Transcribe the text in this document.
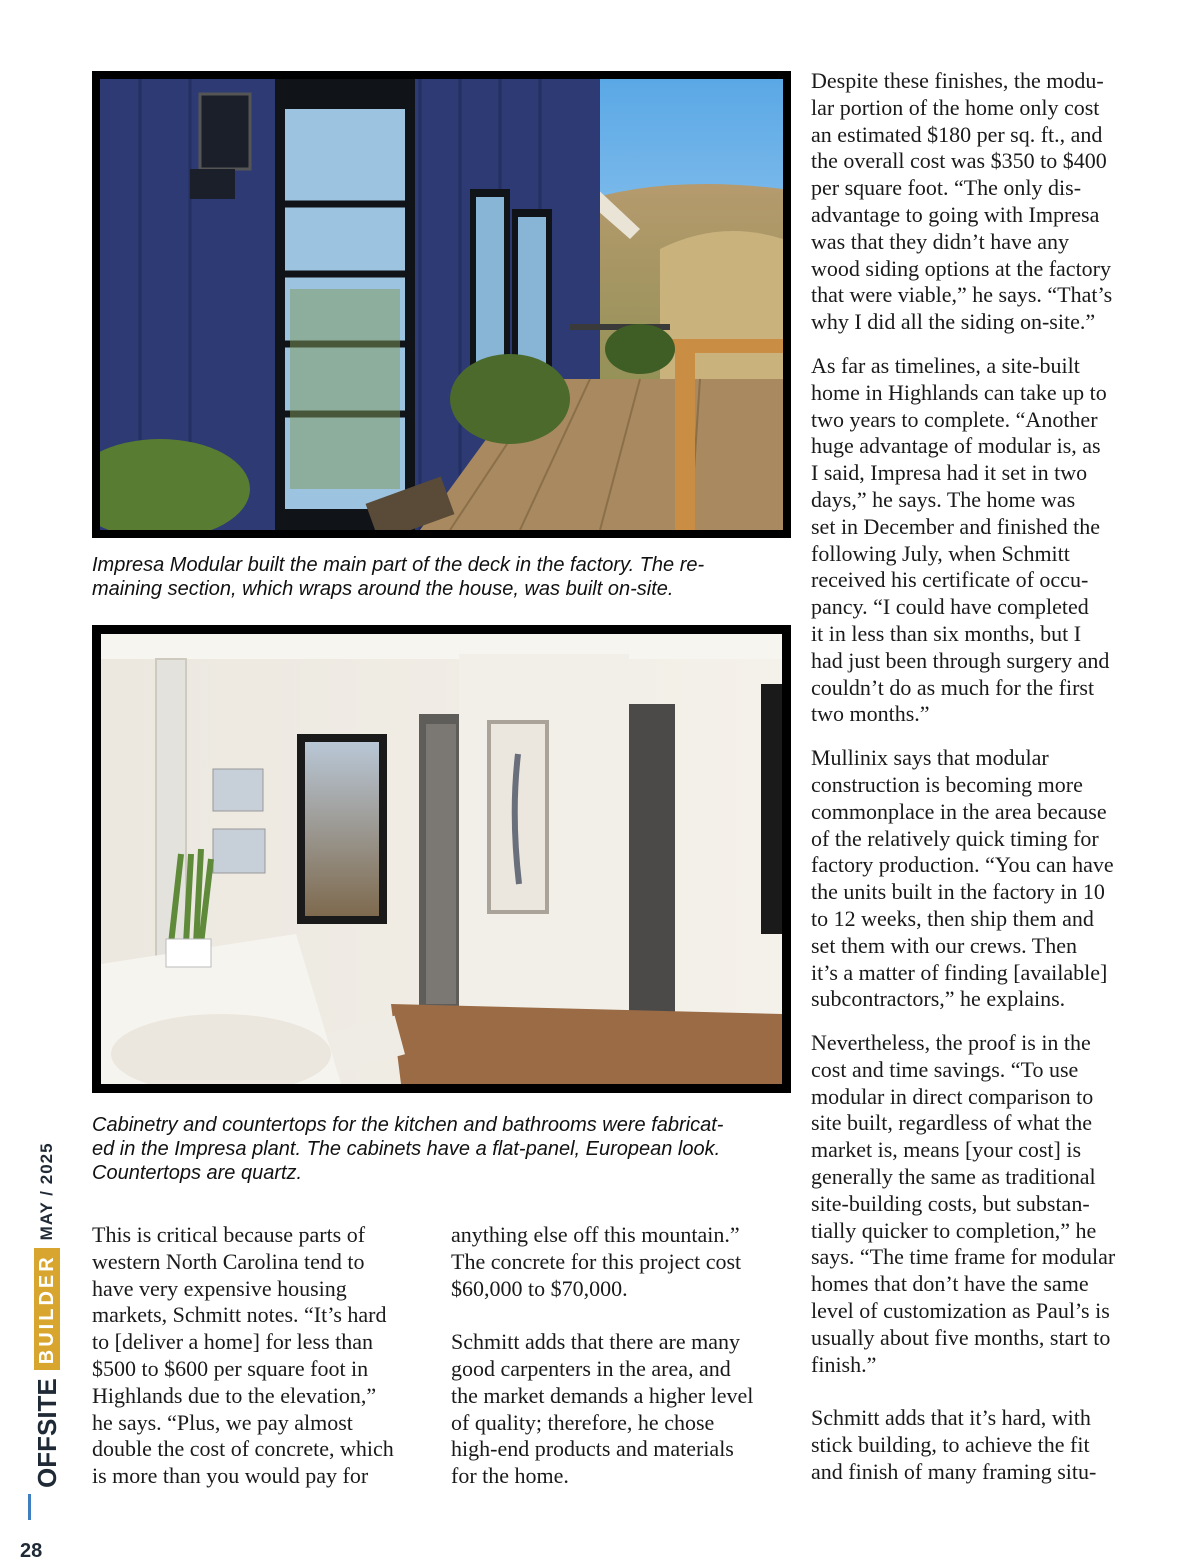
Impresa Modular built the main part of the deck in the factory. The re-
maining section, which wraps around the house, was built on-site.

Cabinetry and countertops for the kitchen and bathrooms were fabricat-
ed in the Impresa plant. The cabinets have a flat-panel, European look.
Countertops are quartz.

This is critical because parts of
western North Carolina tend to
have very expensive housing
markets, Schmitt notes. “It’s hard
to [deliver a home] for less than
$500 to $600 per square foot in
Highlands due to the elevation,”
he says. “Plus, we pay almost
double the cost of concrete, which
is more than you would pay for

anything else off this mountain.”
The concrete for this project cost
$60,000 to $70,000.

Schmitt adds that there are many
good carpenters in the area, and
the market demands a higher level
of quality; therefore, he chose
high-end products and materials
for the home.

Despite these finishes, the modu-
lar portion of the home only cost
an estimated $180 per sq. ft., and
the overall cost was $350 to $400
per square foot. “The only dis-
advantage to going with Impresa
was that they didn’t have any
wood siding options at the factory
that were viable,” he says. “That’s
why I did all the siding on-site.”

As far as timelines, a site-built
home in Highlands can take up to
two years to complete. “Another
huge advantage of modular is, as
I said, Impresa had it set in two
days,” he says. The home was
set in December and finished the
following July, when Schmitt
received his certificate of occu-
pancy. “I could have completed
it in less than six months, but I
had just been through surgery and
couldn’t do as much for the first
two months.”

Mullinix says that modular
construction is becoming more
commonplace in the area because
of the relatively quick timing for
factory production. “You can have
the units built in the factory in 10
to 12 weeks, then ship them and
set them with our crews. Then
it’s a matter of finding [available]
subcontractors,” he explains.

Nevertheless, the proof is in the
cost and time savings. “To use
modular in direct comparison to
site built, regardless of what the
market is, means [your cost] is
generally the same as traditional
site-building costs, but substan-
tially quicker to completion,” he
says. “The time frame for modular
homes that don’t have the same
level of customization as Paul’s is
usually about five months, start to
finish.”

Schmitt adds that it’s hard, with
stick building, to achieve the fit
and finish of many framing situ-

OFFSITE
BUILDER
MAY / 2025
28
